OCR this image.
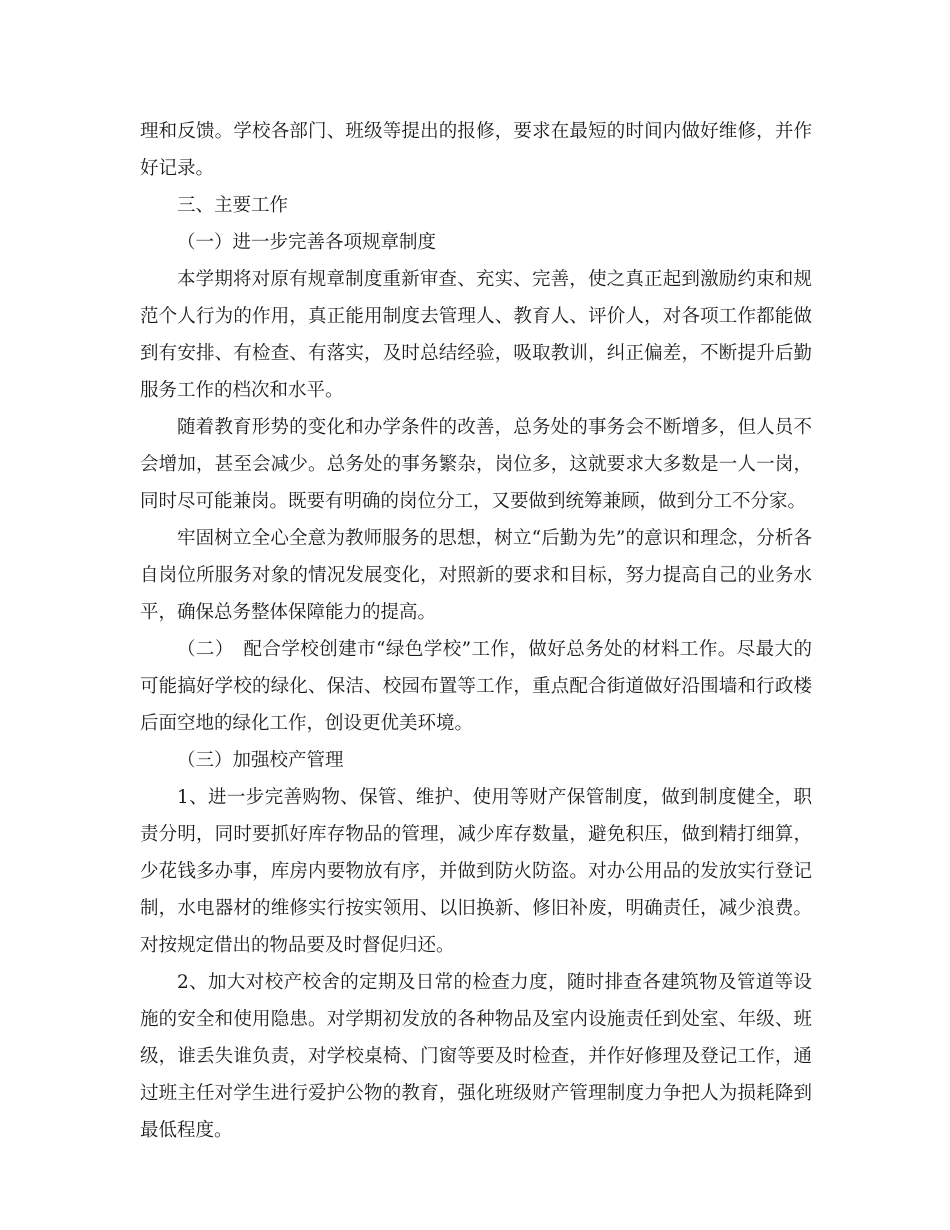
理和反馈。学校各部门、班级等提出的报修，要求在最短的时间内做好维修，并作好记录。

三、主要工作

（一）进一步完善各项规章制度

本学期将对原有规章制度重新审查、充实、完善，使之真正起到激励约束和规范个人行为的作用，真正能用制度去管理人、教育人、评价人，对各项工作都能做到有安排、有检查、有落实，及时总结经验，吸取教训，纠正偏差，不断提升后勤服务工作的档次和水平。

随着教育形势的变化和办学条件的改善，总务处的事务会不断增多，但人员不会增加，甚至会减少。总务处的事务繁杂，岗位多，这就要求大多数是一人一岗，同时尽可能兼岗。既要有明确的岗位分工，又要做到统筹兼顾，做到分工不分家。

牢固树立全心全意为教师服务的思想，树立“后勤为先”的意识和理念，分析各自岗位所服务对象的情况发展变化，对照新的要求和目标，努力提高自己的业务水平，确保总务整体保障能力的提高。

（二）　配合学校创建市“绿色学校”工作，做好总务处的材料工作。尽最大的可能搞好学校的绿化、保洁、校园布置等工作，重点配合街道做好沿围墙和行政楼后面空地的绿化工作，创设更优美环境。

（三）加强校产管理

1、进一步完善购物、保管、维护、使用等财产保管制度，做到制度健全，职责分明，同时要抓好库存物品的管理，减少库存数量，避免积压，做到精打细算，少花钱多办事，库房内要物放有序，并做到防火防盗。对办公用品的发放实行登记制，水电器材的维修实行按实领用、以旧换新、修旧补废，明确责任，减少浪费。对按规定借出的物品要及时督促归还。

2、加大对校产校舍的定期及日常的检查力度，随时排查各建筑物及管道等设施的安全和使用隐患。对学期初发放的各种物品及室内设施责任到处室、年级、班级，谁丢失谁负责，对学校桌椅、门窗等要及时检查，并作好修理及登记工作，通过班主任对学生进行爱护公物的教育，强化班级财产管理制度力争把人为损耗降到最低程度。
